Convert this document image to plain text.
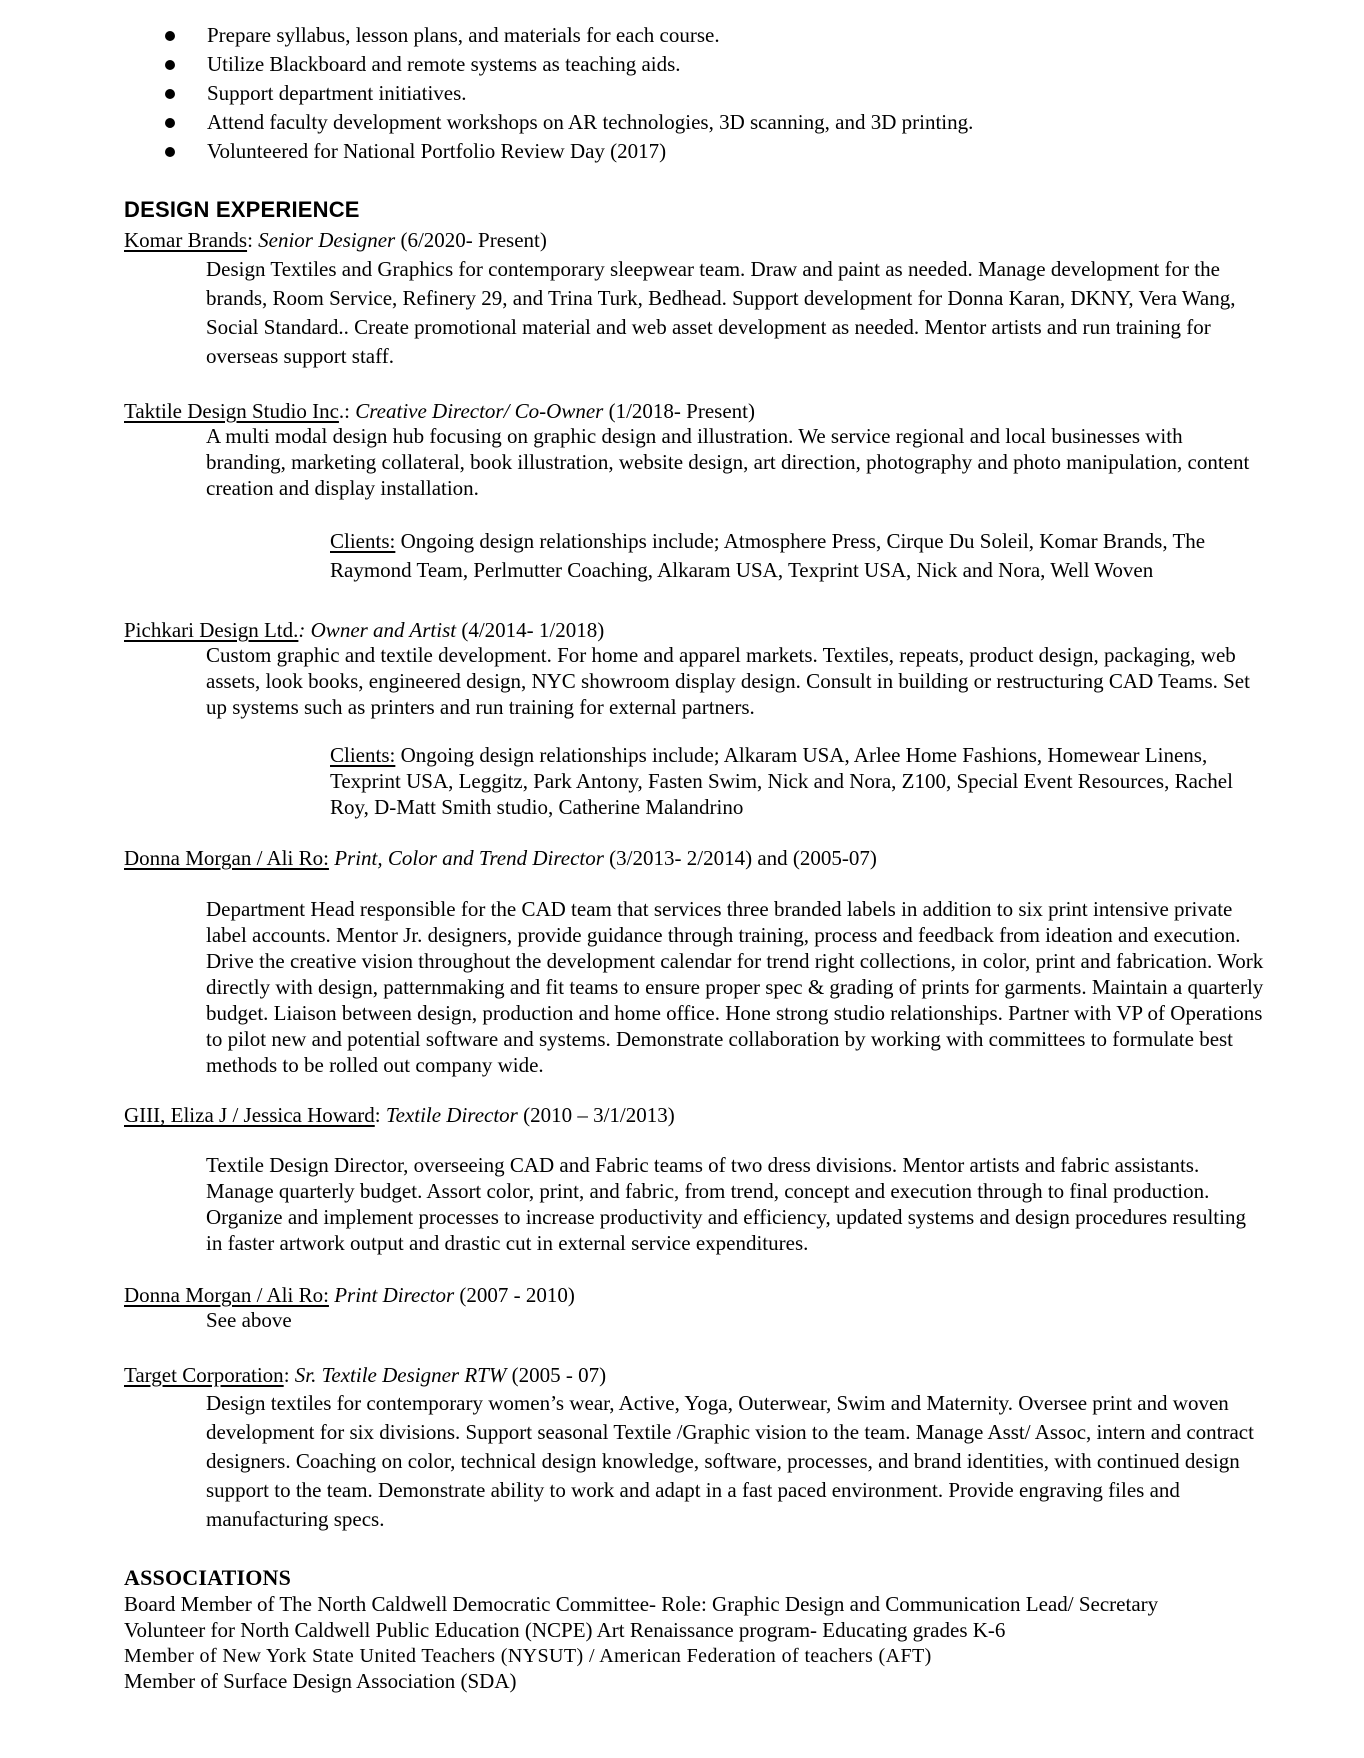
Prepare syllabus, lesson plans, and materials for each course.
Utilize Blackboard and remote systems as teaching aids.
Support department initiatives.
Attend faculty development workshops on AR technologies, 3D scanning, and 3D printing.
Volunteered for National Portfolio Review Day (2017)
DESIGN EXPERIENCE
Komar Brands: Senior Designer (6/2020- Present)
Design Textiles and Graphics for contemporary sleepwear team. Draw and paint as needed. Manage development for the brands, Room Service, Refinery 29, and Trina Turk, Bedhead. Support development for Donna Karan, DKNY, Vera Wang, Social Standard.. Create promotional material and web asset development as needed. Mentor artists and run training for overseas support staff.
Taktile Design Studio Inc.: Creative Director/ Co-Owner (1/2018- Present)
A multi modal design hub focusing on graphic design and illustration. We service regional and local businesses with branding, marketing collateral, book illustration, website design, art direction, photography and photo manipulation, content creation and display installation.
Clients: Ongoing design relationships include; Atmosphere Press, Cirque Du Soleil, Komar Brands, The Raymond Team, Perlmutter Coaching, Alkaram USA, Texprint USA, Nick and Nora, Well Woven
Pichkari Design Ltd.: Owner and Artist (4/2014- 1/2018)
Custom graphic and textile development. For home and apparel markets. Textiles, repeats, product design, packaging, web assets, look books, engineered design, NYC showroom display design. Consult in building or restructuring CAD Teams. Set up systems such as printers and run training for external partners.
Clients: Ongoing design relationships include; Alkaram USA, Arlee Home Fashions, Homewear Linens, Texprint USA, Leggitz, Park Antony, Fasten Swim, Nick and Nora, Z100, Special Event Resources, Rachel Roy, D-Matt Smith studio, Catherine Malandrino
Donna Morgan / Ali Ro: Print, Color and Trend Director (3/2013- 2/2014) and (2005-07)
Department Head responsible for the CAD team that services three branded labels in addition to six print intensive private label accounts. Mentor Jr. designers, provide guidance through training, process and feedback from ideation and execution. Drive the creative vision throughout the development calendar for trend right collections, in color, print and fabrication. Work directly with design, patternmaking and fit teams to ensure proper spec & grading of prints for garments. Maintain a quarterly budget. Liaison between design, production and home office. Hone strong studio relationships. Partner with VP of Operations to pilot new and potential software and systems. Demonstrate collaboration by working with committees to formulate best methods to be rolled out company wide.
GIII, Eliza J / Jessica Howard: Textile Director (2010 – 3/1/2013)
Textile Design Director, overseeing CAD and Fabric teams of two dress divisions. Mentor artists and fabric assistants. Manage quarterly budget. Assort color, print, and fabric, from trend, concept and execution through to final production. Organize and implement processes to increase productivity and efficiency, updated systems and design procedures resulting in faster artwork output and drastic cut in external service expenditures.
Donna Morgan / Ali Ro: Print Director (2007 - 2010)
See above
Target Corporation: Sr. Textile Designer RTW (2005 - 07)
Design textiles for contemporary women’s wear, Active, Yoga, Outerwear, Swim and Maternity. Oversee print and woven development for six divisions. Support seasonal Textile /Graphic vision to the team. Manage Asst/ Assoc, intern and contract designers. Coaching on color, technical design knowledge, software, processes, and brand identities, with continued design support to the team. Demonstrate ability to work and adapt in a fast paced environment. Provide engraving files and manufacturing specs.
ASSOCIATIONS
Board Member of The North Caldwell Democratic Committee- Role: Graphic Design and Communication Lead/ Secretary
Volunteer for North Caldwell Public Education (NCPE) Art Renaissance program- Educating grades K-6
Member of New York State United Teachers (NYSUT) / American Federation of teachers (AFT)
Member of Surface Design Association (SDA)
